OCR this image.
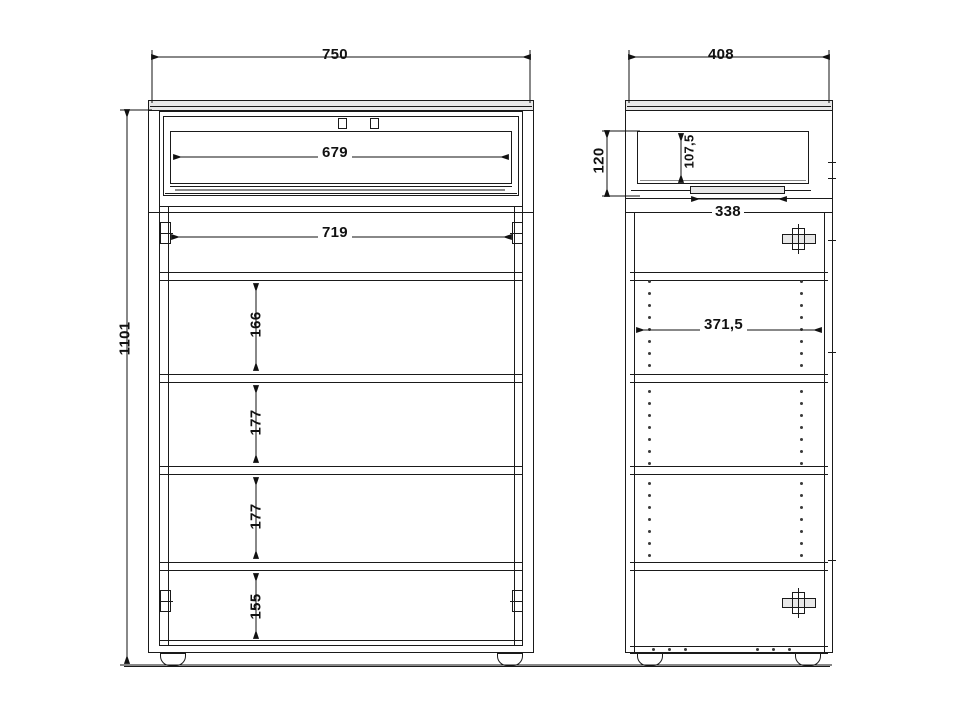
750	408
1101
679
719
166
177
177
155
120	107,5
338
371,5
